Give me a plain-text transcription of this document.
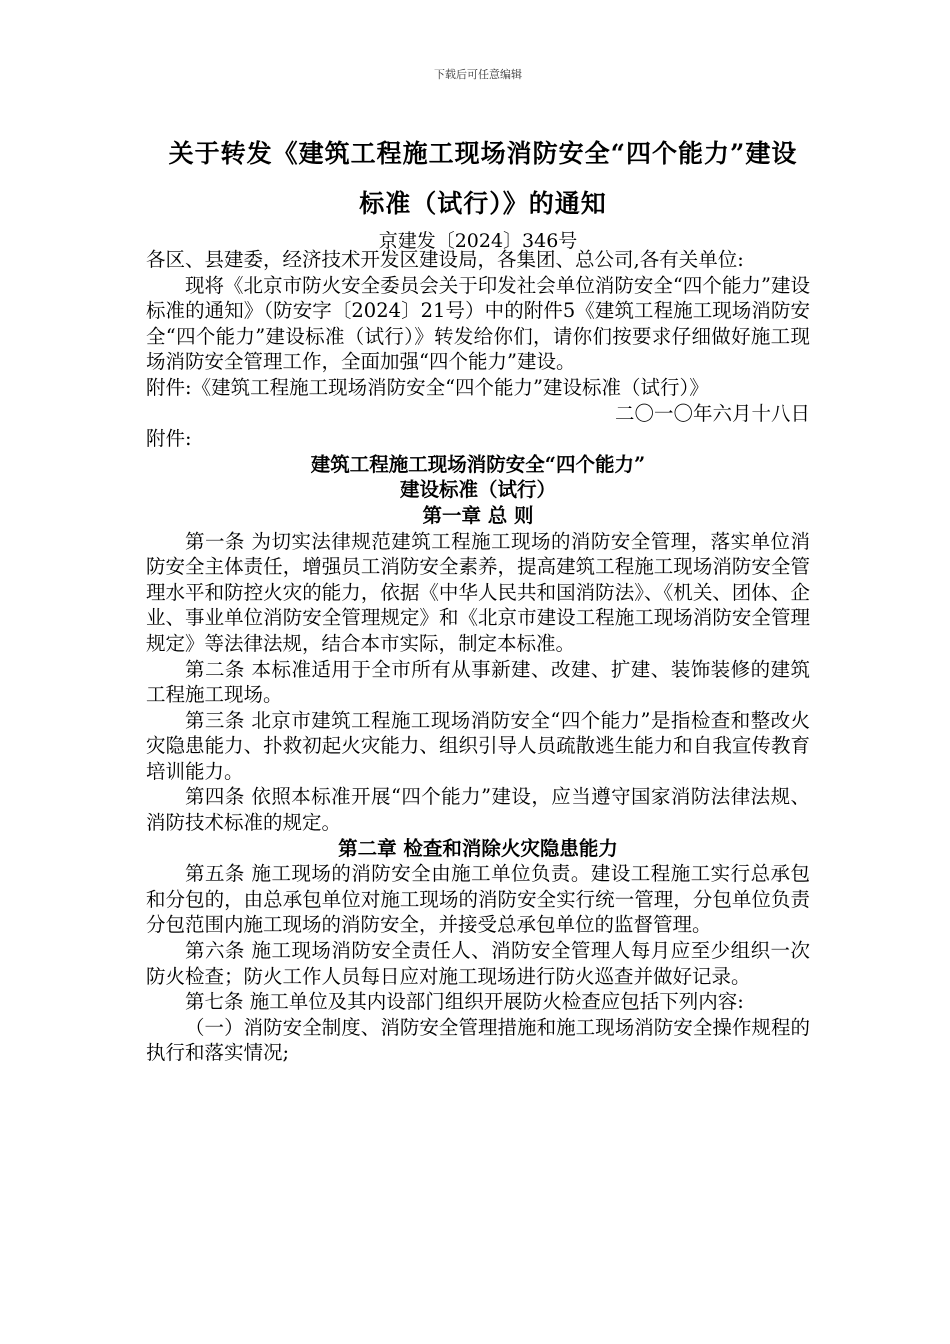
下载后可任意编辑
关于转发《建筑工程施工现场消防安全“四个能力”建设
标准（试行）》的通知
京建发〔2024〕346号

各区、县建委，经济技术开发区建设局，各集团、总公司,各有关单位:

现将《北京市防火安全委员会关于印发社会单位消防安全“四个能力”建设标准的通知》（防安字〔2024〕21号）中的附件5《建筑工程施工现场消防安全“四个能力”建设标准（试行）》转发给你们，请你们按要求仔细做好施工现场消防安全管理工作，全面加强“四个能力”建设。

附件:《建筑工程施工现场消防安全“四个能力”建设标准（试行）》

二〇一〇年六月十八日

附件:

建筑工程施工现场消防安全“四个能力”

建设标准（试行）

第一章 总 则

第一条 为切实法律规范建筑工程施工现场的消防安全管理，落实单位消防安全主体责任，增强员工消防安全素养，提高建筑工程施工现场消防安全管理水平和防控火灾的能力，依据《中华人民共和国消防法》、《机关、团体、企业、事业单位消防安全管理规定》和《北京市建设工程施工现场消防安全管理规定》等法律法规，结合本市实际，制定本标准。

第二条 本标准适用于全市所有从事新建、改建、扩建、装饰装修的建筑工程施工现场。

第三条 北京市建筑工程施工现场消防安全“四个能力”是指检查和整改火灾隐患能力、扑救初起火灾能力、组织引导人员疏散逃生能力和自我宣传教育培训能力。

第四条 依照本标准开展“四个能力”建设，应当遵守国家消防法律法规、消防技术标准的规定。

第二章 检查和消除火灾隐患能力

第五条 施工现场的消防安全由施工单位负责。建设工程施工实行总承包和分包的，由总承包单位对施工现场的消防安全实行统一管理，分包单位负责分包范围内施工现场的消防安全，并接受总承包单位的监督管理。

第六条 施工现场消防安全责任人、消防安全管理人每月应至少组织一次防火检查；防火工作人员每日应对施工现场进行防火巡查并做好记录。

第七条 施工单位及其内设部门组织开展防火检查应包括下列内容:

（一）消防安全制度、消防安全管理措施和施工现场消防安全操作规程的执行和落实情况;
